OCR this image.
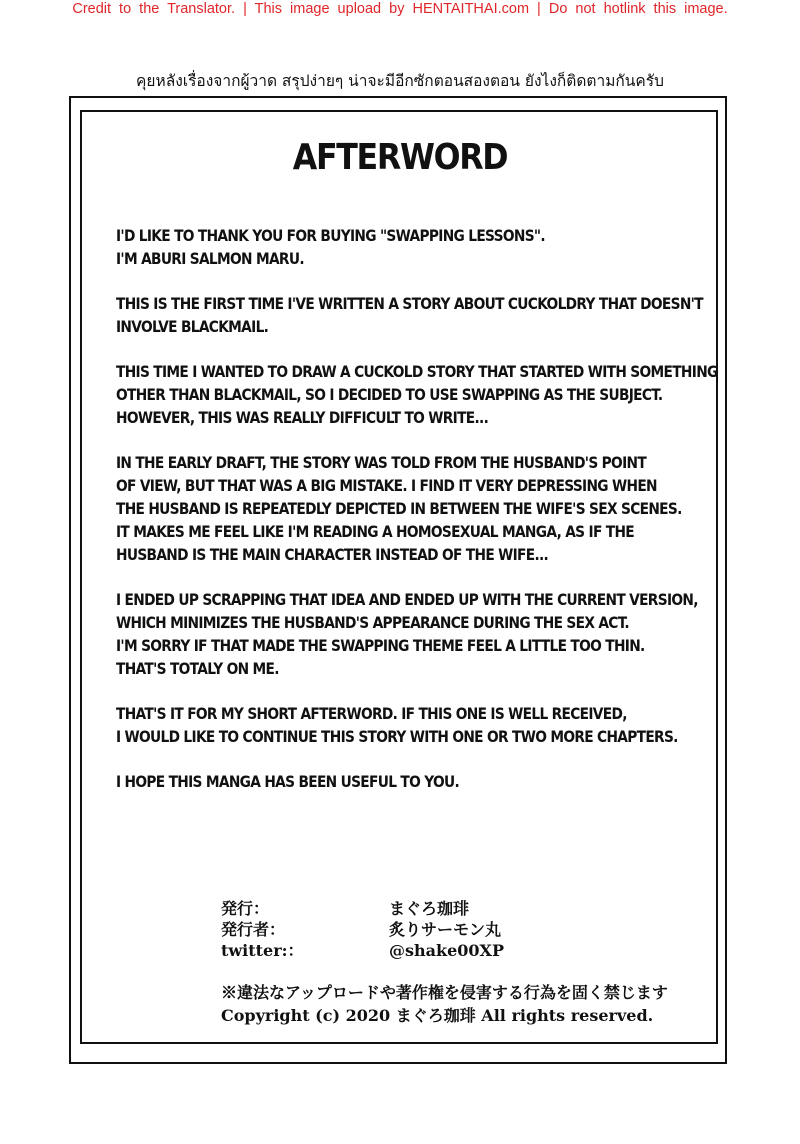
Credit to the Translator. | This image upload by HENTAITHAI.com | Do not hotlink this image.
คุยหลังเรื่องจากผู้วาด สรุปง่ายๆ น่าจะมีอีกซักตอนสองตอน ยังไงก็ติดตามกันครับ
AFTERWORD
I'D LIKE TO THANK YOU FOR BUYING "SWAPPING LESSONS".
I'M ABURI SALMON MARU.
THIS IS THE FIRST TIME I'VE WRITTEN A STORY ABOUT CUCKOLDRY THAT DOESN'T
INVOLVE BLACKMAIL.
THIS TIME I WANTED TO DRAW A CUCKOLD STORY THAT STARTED WITH SOMETHING
OTHER THAN BLACKMAIL, SO I DECIDED TO USE SWAPPING AS THE SUBJECT.
HOWEVER, THIS WAS REALLY DIFFICULT TO WRITE...
IN THE EARLY DRAFT, THE STORY WAS TOLD FROM THE HUSBAND'S POINT
OF VIEW, BUT THAT WAS A BIG MISTAKE. I FIND IT VERY DEPRESSING WHEN
THE HUSBAND IS REPEATEDLY DEPICTED IN BETWEEN THE WIFE'S SEX SCENES.
IT MAKES ME FEEL LIKE I'M READING A HOMOSEXUAL MANGA, AS IF THE
HUSBAND IS THE MAIN CHARACTER INSTEAD OF THE WIFE...
I ENDED UP SCRAPPING THAT IDEA AND ENDED UP WITH THE CURRENT VERSION,
WHICH MINIMIZES THE HUSBAND'S APPEARANCE DURING THE SEX ACT.
I'M SORRY IF THAT MADE THE SWAPPING THEME FEEL A LITTLE TOO THIN.
THAT'S TOTALY ON ME.
THAT'S IT FOR MY SHORT AFTERWORD. IF THIS ONE IS WELL RECEIVED,
I WOULD LIKE TO CONTINUE THIS STORY WITH ONE OR TWO MORE CHAPTERS.
I HOPE THIS MANGA HAS BEEN USEFUL TO YOU.
発行：	まぐろ珈琲
発行者：	炙りサーモン丸
twitter:：	@shake00XP
※違法なアップロードや著作権を侵害する行為を固く禁じます
Copyright (c) 2020 まぐろ珈琲 All rights reserved.
